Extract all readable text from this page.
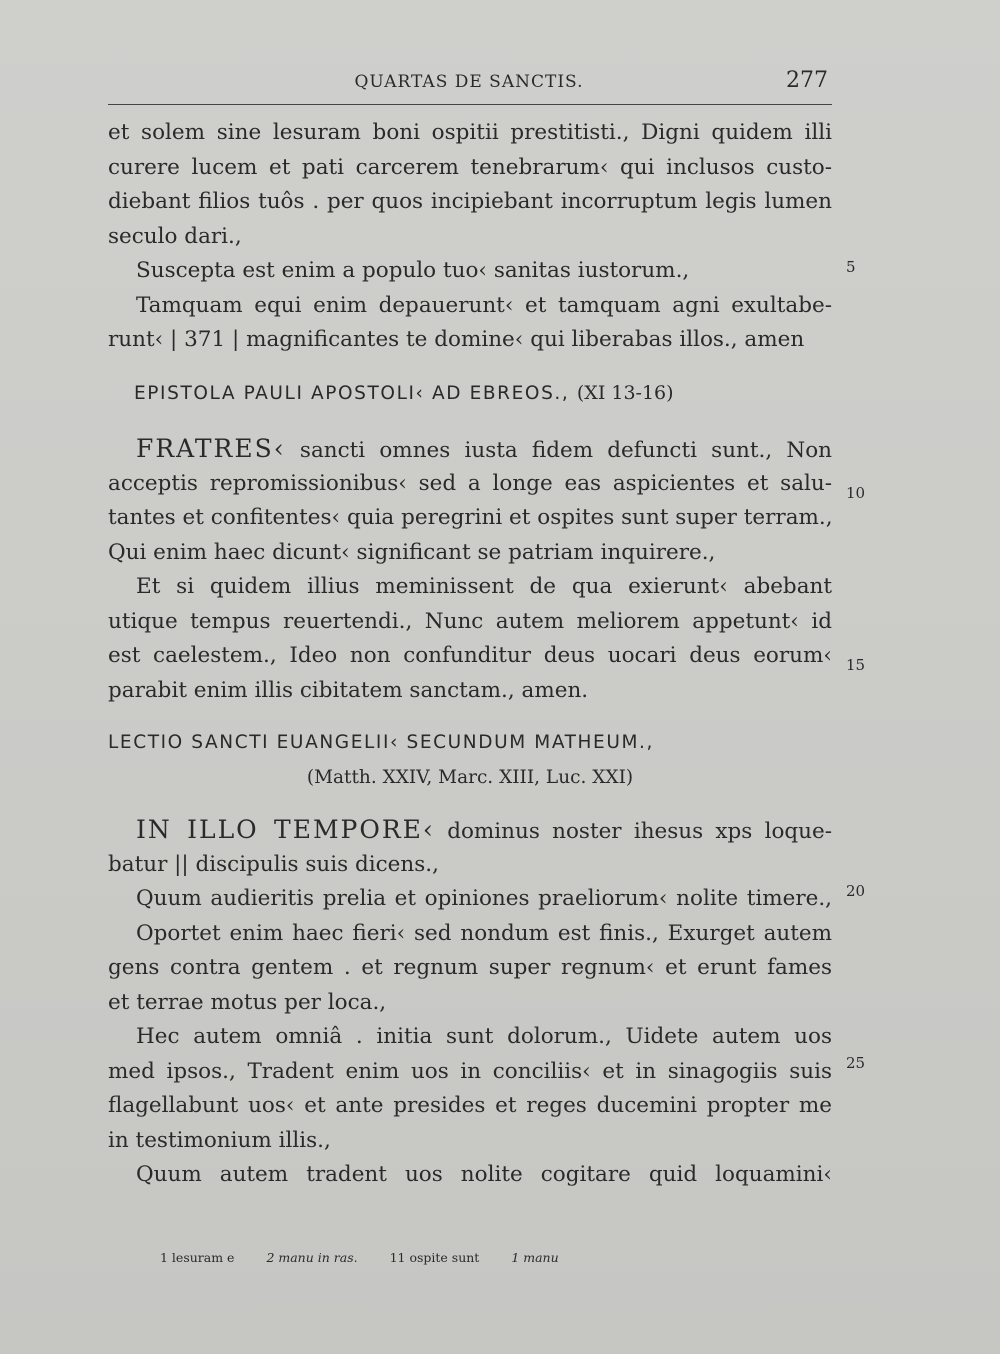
QUARTAS DE SANCTIS.	277
et solem sine lesuram boni ospitii prestitisti., Digni quidem illi
curere lucem et pati carcerem tenebrarum‹ qui inclusos custo-
diebant filios tuôs . per quos incipiebant incorruptum legis lumen
seculo dari.,
Suscepta est enim a populo tuo‹ sanitas iustorum.,
Tamquam equi enim depauerunt‹ et tamquam agni exultabe-
runt‹ | 371 | magnificantes te domine‹ qui liberabas illos., amen
EPISTOLA PAULI APOSTOLI‹ AD EBREOS., (XI 13-16)
FRATRES‹ sancti omnes iusta fidem defuncti sunt., Non
acceptis repromissionibus‹ sed a longe eas aspicientes et salu-
tantes et confitentes‹ quia peregrini et ospites sunt super terram.,
Qui enim haec dicunt‹ significant se patriam inquirere.,
Et si quidem illius meminissent de qua exierunt‹ abebant
utique tempus reuertendi., Nunc autem meliorem appetunt‹ id
est caelestem., Ideo non confunditur deus uocari deus eorum‹
parabit enim illis cibitatem sanctam., amen.
LECTIO SANCTI EUANGELII‹ SECUNDUM MATHEUM.,
(Matth. XXIV, Marc. XIII, Luc. XXI)
IN ILLO TEMPORE‹ dominus noster ihesus xps loque-
batur || discipulis suis dicens.,
Quum audieritis prelia et opiniones praeliorum‹ nolite timere.,
Oportet enim haec fieri‹ sed nondum est finis., Exurget autem
gens contra gentem . et regnum super regnum‹ et erunt fames
et terrae motus per loca.,
Hec autem omniâ . initia sunt dolorum., Uidete autem uos
med ipsos., Tradent enim uos in conciliis‹ et in sinagogiis suis
flagellabunt uos‹ et ante presides et reges ducemini propter me
in testimonium illis.,
Quum autem tradent uos nolite cogitare quid loquamini‹
5
10
15
20
25
1 lesuram e	2 manu in ras.	11 ospite sunt	1 manu
